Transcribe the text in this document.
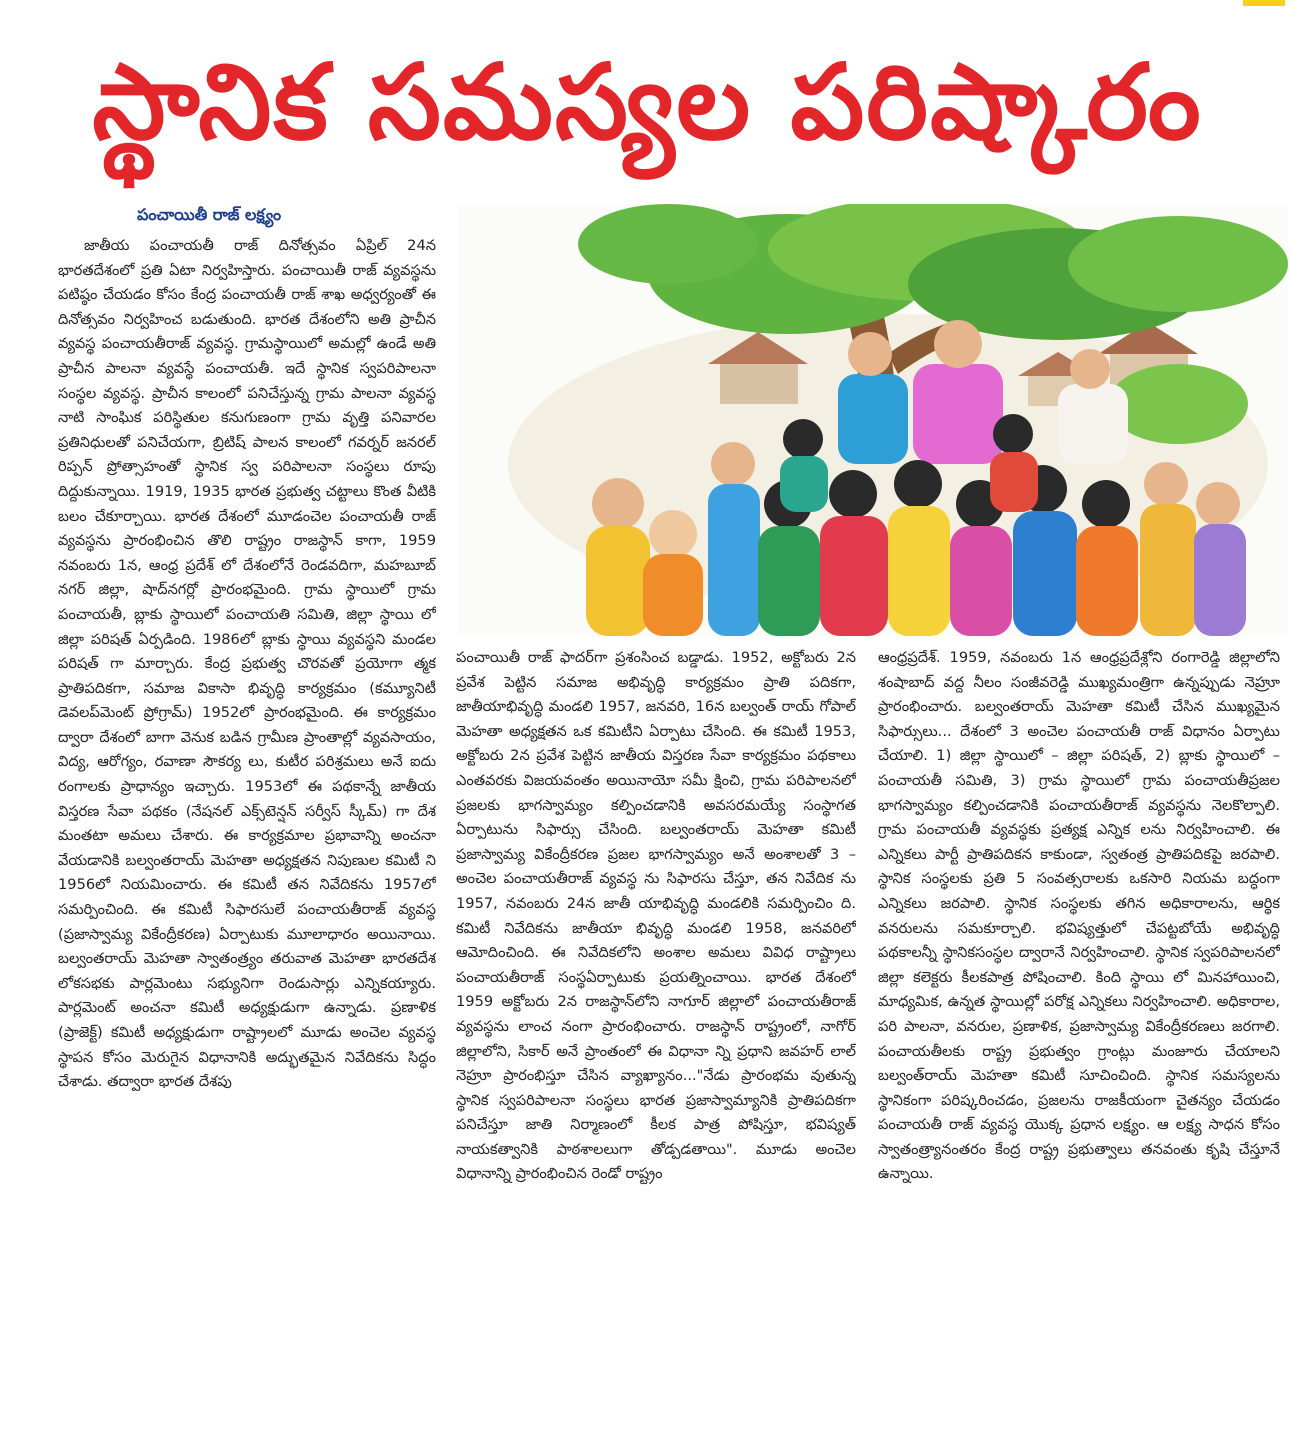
స్థానిక సమస్యల పరిష్కారం
పంచాయితీ రాజ్ లక్ష్యం

జాతీయ పంచాయతీ రాజ్ దినోత్సవం ఏప్రిల్ 24న భారతదేశంలో ప్రతి ఏటా నిర్వహిస్తారు. పంచాయితీ రాజ్ వ్యవస్థను పటిష్ఠం చేయడం కోసం కేంద్ర పంచాయతీ రాజ్ శాఖ అధ్వర్యంతో ఈ దినోత్సవం నిర్వహించ బడుతుంది. భారత దేశంలోని అతి ప్రాచీన వ్యవస్థ పంచాయతీరాజ్ వ్యవస్థ. గ్రామస్థాయిలో అమల్లో ఉండే అతి ప్రాచీన పాలనా వ్యవస్థే పంచాయతీ. ఇదే స్థానిక స్వపరిపాలనా సంస్థల వ్యవస్థ. ప్రాచీన కాలంలో పనిచేస్తున్న గ్రామ పాలనా వ్యవస్థ నాటి సాంఘిక పరిస్థితుల కనుగుణంగా గ్రామ వృత్తి పనివారల ప్రతినిధులతో పనిచేయగా, బ్రిటిష్ పాలన కాలంలో గవర్నర్ జనరల్ రిప్పన్ ప్రోత్సాహంతో స్థానిక స్వ పరిపాలనా సంస్థలు రూపు దిద్దుకున్నాయి. 1919, 1935 భారత ప్రభుత్వ చట్టాలు కొంత వీటికి బలం చేకూర్చాయి. భారత దేశంలో మూడంచెల పంచాయతీ రాజ్ వ్యవస్థను ప్రారంభించిన తొలి రాష్ట్రం రాజస్థాన్ కాగా, 1959 నవంబరు 1న, ఆంధ్ర ప్రదేశ్ లో దేశంలోనే రెండవదిగా, మహబూబ్ నగర్ జిల్లా, షాద్‌నగర్లో ప్రారంభమైంది. గ్రామ స్థాయిలో గ్రామ పంచాయతీ, బ్లాకు స్థాయిలో పంచాయతి సమితి, జిల్లా స్థాయి లో జిల్లా పరిషత్ ఏర్పడింది. 1986లో బ్లాకు స్థాయి వ్యవస్థని మండల పరిషత్ గా మార్చారు. కేంద్ర ప్రభుత్వ చొరవతో ప్రయోగా త్మక ప్రాతిపదికగా, సమాజ వికాసా భివృద్ధి కార్యక్రమం (కమ్యూనిటీ డెవలప్‌మెంట్ ప్రోగ్రామ్) 1952లో ప్రారంభమైంది. ఈ కార్యక్రమం ద్వారా దేశంలో బాగా వెనుక బడిన గ్రామీణ ప్రాంతాల్లో వ్యవసాయం, విద్య, ఆరోగ్యం, రవాణా సౌకర్య లు, కుటీర పరిశ్రమలు అనే ఐదు రంగాలకు ప్రాధాన్యం ఇచ్చారు. 1953లో ఈ పథకాన్నే జాతీయ విస్తరణ సేవా పథకం (నేషనల్ ఎక్స్‌టెన్షన్ సర్వీస్ స్కీమ్) గా దేశ మంతటా అమలు చేశారు. ఈ కార్యక్రమాల ప్రభావాన్ని అంచనా వేయడానికి బల్వంతరాయ్ మెహతా అధ్యక్షతన నిపుణుల కమిటీ ని 1956లో నియమించారు. ఈ కమిటీ తన నివేదికను 1957లో సమర్పించింది. ఈ కమిటీ సిఫారసులే పంచాయతీరాజ్ వ్యవస్థ (ప్రజాస్వామ్య వికేంద్రీకరణ) ఏర్పాటుకు మూలాధారం అయినాయి. బల్వంతరాయ్ మెహతా స్వాతంత్ర్యం తరువాత మెహతా భారతదేశ లోకసభకు పార్లమెంటు సభ్యునిగా రెండుసార్లు ఎన్నికయ్యారు. పార్లమెంట్ అంచనా కమిటీ అధ్యక్షుడుగా ఉన్నాడు. ప్రణాళిక (ప్రాజెక్ట్) కమిటీ అధ్యక్షుడుగా రాష్ట్రాలలో మూడు అంచెల వ్యవస్థ స్థాపన కోసం మెరుగైన విధానానికి అద్భుతమైన నివేదికను సిద్ధం చేశాడు. తద్వారా భారత దేశపు

పంచాయితీ రాజ్ ఫాదర్‌గా ప్రశంసించ బడ్డాడు. 1952, అక్టోబరు 2న ప్రవేశ పెట్టిన సమాజ అభివృద్ధి కార్యక్రమం ప్రాతి పదికగా, జాతీయాభివృద్ధి మండలి 1957, జనవరి, 16న బల్వంత్ రాయ్ గోపాల్ మెహతా అధ్యక్షతన ఒక కమిటీని ఏర్పాటు చేసింది. ఈ కమిటీ 1953, అక్టోబరు 2న ప్రవేశ పెట్టిన జాతీయ విస్తరణ సేవా కార్యక్రమం పథకాలు ఎంతవరకు విజయవంతం అయినాయో సమీ క్షించి, గ్రామ పరిపాలనలో ప్రజలకు భాగస్వామ్యం కల్పించడానికి అవసరమయ్యే సంస్థాగత ఏర్పాటును సిఫార్సు చేసింది. బల్వంతరాయ్ మెహతా కమిటీ ప్రజాస్వామ్య వికేంద్రీకరణ ప్రజల భాగస్వామ్యం అనే అంశాలతో 3 – అంచెల పంచాయతీరాజ్ వ్యవస్థ ను సిఫారసు చేస్తూ, తన నివేదిక ను 1957, నవంబరు 24న జాతీ యాభివృద్ధి మండలికి సమర్పించిం ది. కమిటీ నివేదికను జాతీయా భివృద్ధి మండలి 1958, జనవరిలో ఆమోదించింది. ఈ నివేదికలోని అంశాల అమలు వివిధ రాష్ట్రాలు పంచాయతీరాజ్ సంస్థఏర్పాటుకు ప్రయత్నించాయి. భారత దేశంలో 1959 అక్టోబరు 2న రాజస్థాన్‌లోని నాగూర్ జిల్లాలో పంచాయతీరాజ్ వ్యవస్థను లాంచ నంగా ప్రారంభించారు. రాజస్థాన్ రాష్ట్రంలో, నాగోర్ జిల్లాలోని, సికార్ అనే ప్రాంతంలో ఈ విధానా న్ని ప్రధాని జవహర్ లాల్ నెహ్రూ ప్రారంభిస్తూ చేసిన వ్యాఖ్యానం..."నేడు ప్రారంభమ వుతున్న స్థానిక స్వపరిపాలనా సంస్థలు భారత ప్రజాస్వామ్యానికి ప్రాతిపదికగా పనిచేస్తూ జాతి నిర్మాణంలో కీలక పాత్ర పోషిస్తూ, భవిష్యత్ నాయకత్వానికి పాఠశాలలుగా తోడ్పడతాయి". మూడు అంచెల విధానాన్ని ప్రారంభించిన రెండో రాష్ట్రం

ఆంధ్రప్రదేశ్. 1959, నవంబరు 1న ఆంధ్రప్రదేశ్లోని రంగారెడ్డి జిల్లాలోని శంషాబాద్ వద్ద నీలం సంజీవరెడ్డి ముఖ్యమంత్రిగా ఉన్నప్పుడు నెహ్రూ ప్రారంభించారు. బల్వంతరాయ్ మెహతా కమిటీ చేసిన ముఖ్యమైన సిఫార్సులు... దేశంలో 3 అంచెల పంచాయతీ రాజ్ విధానం ఏర్పాటు చేయాలి. 1) జిల్లా స్థాయిలో – జిల్లా పరిషత్, 2) బ్లాకు స్థాయిలో – పంచాయతీ సమితి, 3) గ్రామ స్థాయిలో గ్రామ పంచాయతీప్రజల భాగస్వామ్యం కల్పించడానికి పంచాయతీరాజ్ వ్యవస్థను నెలకొల్పాలి. గ్రామ పంచాయతీ వ్యవస్థకు ప్రత్యక్ష ఎన్నిక లను నిర్వహించాలి. ఈ ఎన్నికలు పార్టీ ప్రాతిపదికన కాకుండా, స్వతంత్ర ప్రాతిపదికపై జరపాలి. స్థానిక సంస్థలకు ప్రతి 5 సంవత్సరాలకు ఒకసారి నియమ బద్ధంగా ఎన్నికలు జరపాలి. స్థానిక సంస్థలకు తగిన అధికారాలను, ఆర్థిక వనరులను సమకూర్చాలి. భవిష్యత్తులో చేపట్టబోయే అభివృద్ధి పథకాలన్నీ స్థానికసంస్థల ద్వారానే నిర్వహించాలి. స్థానిక స్వపరిపాలనలో జిల్లా కలెక్టరు కీలకపాత్ర పోషించాలి. కింది స్థాయి లో మినహాయించి, మాధ్యమిక, ఉన్నత స్థాయిల్లో పరోక్ష ఎన్నికలు నిర్వహించాలి. అధికారాల, పరి పాలనా, వనరుల, ప్రణాళిక, ప్రజాస్వామ్య వికేంద్రీకరణలు జరగాలి. పంచాయతీలకు రాష్ట్ర ప్రభుత్వం గ్రాంట్లు మంజూరు చేయాలని బల్వంత్‌రాయ్ మెహతా కమిటీ సూచించింది. స్థానిక సమస్యలను స్థానికంగా పరిష్కరించడం, ప్రజలను రాజకీయంగా చైతన్యం చేయడం పంచాయతీ రాజ్ వ్యవస్థ యొక్క ప్రధాన లక్ష్యం. ఆ లక్ష్య సాధన కోసం స్వాతంత్ర్యానంతరం కేంద్ర రాష్ట్ర ప్రభుత్వాలు తనవంతు కృషి చేస్తూనే ఉన్నాయి.
